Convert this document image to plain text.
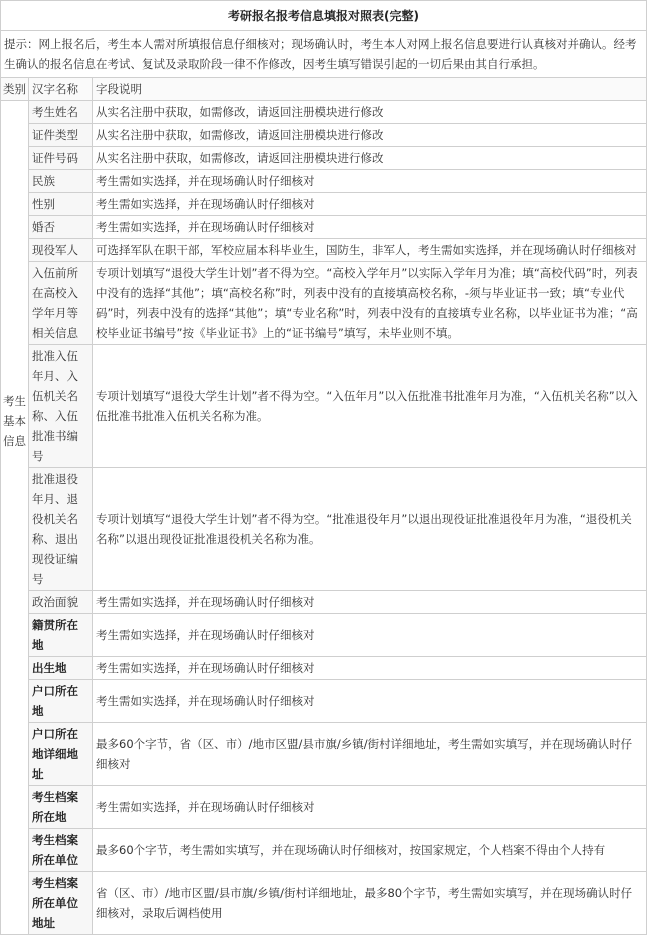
考研报名报考信息填报对照表(完整)		
提示：网上报名后，考生本人需对所填报信息仔细核对；现场确认时，考生本人对网上报名信息要进行认真核对并确认。经考生确认的报名信息在考试、复试及录取阶段一律不作修改，因考生填写错误引起的一切后果由其自行承担。		
类别	汉字名称	字段说明
考生基本信息	考生姓名	从实名注册中获取，如需修改，请返回注册模块进行修改
	证件类型	从实名注册中获取，如需修改，请返回注册模块进行修改
	证件号码	从实名注册中获取，如需修改，请返回注册模块进行修改
	民族	考生需如实选择，并在现场确认时仔细核对
	性别	考生需如实选择，并在现场确认时仔细核对
	婚否	考生需如实选择，并在现场确认时仔细核对
	现役军人	可选择军队在职干部，军校应届本科毕业生，国防生，非军人，考生需如实选择，并在现场确认时仔细核对
	入伍前所在高校入学年月等相关信息	专项计划填写“退役大学生计划”者不得为空。“高校入学年月”以实际入学年月为准；填“高校代码”时，列表中没有的选择“其他”；填“高校名称”时，列表中没有的直接填高校名称，-须与毕业证书一致；填“专业代码”时，列表中没有的选择“其他”；填“专业名称”时，列表中没有的直接填专业名称，以毕业证书为准；“高校毕业证书编号”按《毕业证书》上的“证书编号”填写，未毕业则不填。
	批准入伍年月、入伍机关名称、入伍批准书编号	专项计划填写“退役大学生计划”者不得为空。“入伍年月”以入伍批准书批准年月为准，“入伍机关名称”以入伍批准书批准入伍机关名称为准。
	批准退役年月、退役机关名称、退出现役证编号	专项计划填写“退役大学生计划”者不得为空。“批准退役年月”以退出现役证批准退役年月为准，“退役机关名称”以退出现役证批准退役机关名称为准。
	政治面貌	考生需如实选择，并在现场确认时仔细核对
	籍贯所在地	考生需如实选择，并在现场确认时仔细核对
	出生地	考生需如实选择，并在现场确认时仔细核对
	户口所在地	考生需如实选择，并在现场确认时仔细核对
	户口所在地详细地址	最多60个字节，省（区、市）/地市区盟/县市旗/乡镇/街村详细地址，考生需如实填写，并在现场确认时仔细核对
	考生档案所在地	考生需如实选择，并在现场确认时仔细核对
	考生档案所在单位	最多60个字节，考生需如实填写，并在现场确认时仔细核对，按国家规定，个人档案不得由个人持有
	考生档案所在单位地址	省（区、市）/地市区盟/县市旗/乡镇/街村详细地址，最多80个字节，考生需如实填写，并在现场确认时仔细核对，录取后调档使用
